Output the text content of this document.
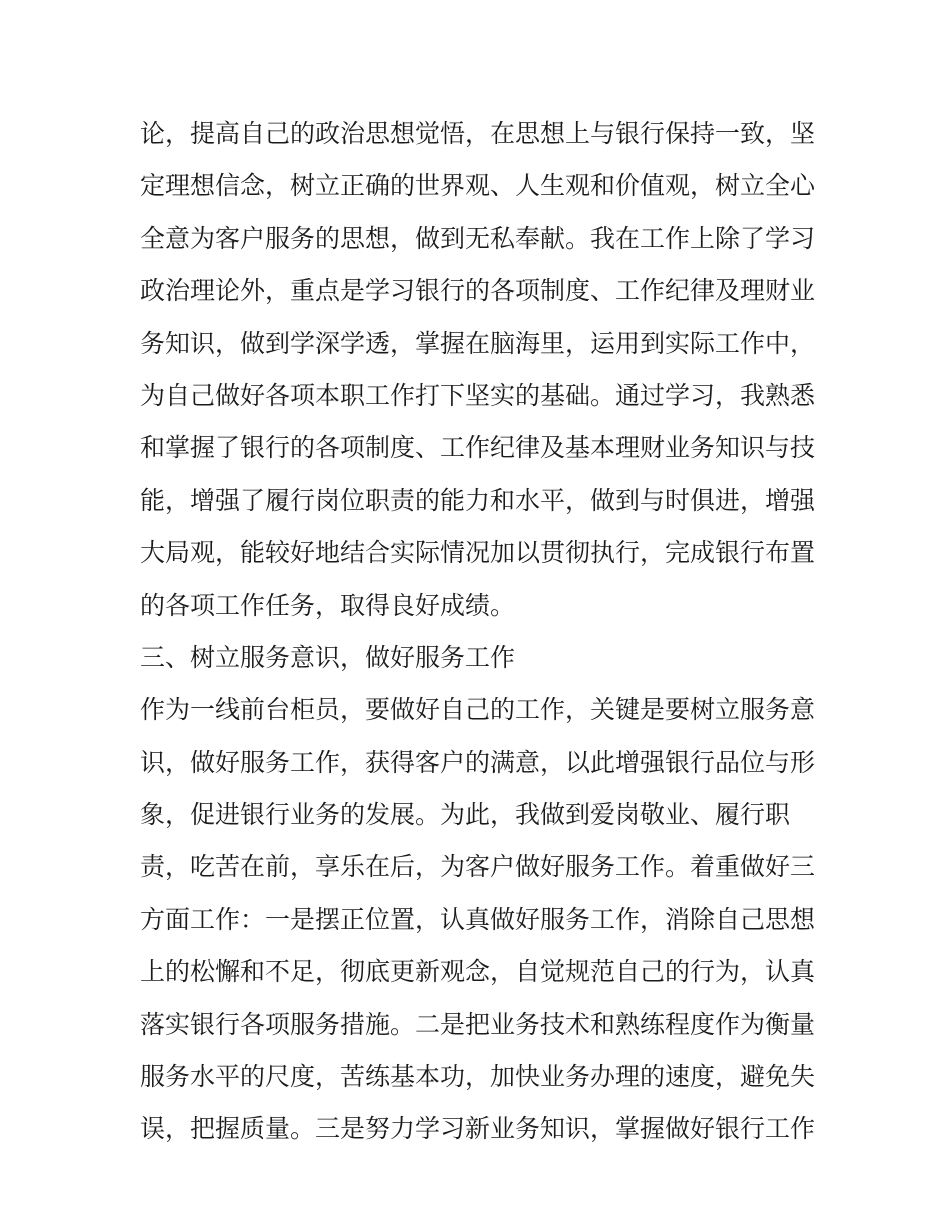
论，提高自己的政治思想觉悟，在思想上与银行保持一致，坚
定理想信念，树立正确的世界观、人生观和价值观，树立全心
全意为客户服务的思想，做到无私奉献。我在工作上除了学习
政治理论外，重点是学习银行的各项制度、工作纪律及理财业
务知识，做到学深学透，掌握在脑海里，运用到实际工作中，
为自己做好各项本职工作打下坚实的基础。通过学习，我熟悉
和掌握了银行的各项制度、工作纪律及基本理财业务知识与技
能，增强了履行岗位职责的能力和水平，做到与时俱进，增强
大局观，能较好地结合实际情况加以贯彻执行，完成银行布置
的各项工作任务，取得良好成绩。
三、树立服务意识，做好服务工作
作为一线前台柜员，要做好自己的工作，关键是要树立服务意
识，做好服务工作，获得客户的满意，以此增强银行品位与形
象，促进银行业务的发展。为此，我做到爱岗敬业、履行职
责，吃苦在前，享乐在后，为客户做好服务工作。着重做好三
方面工作：一是摆正位置，认真做好服务工作，消除自己思想
上的松懈和不足，彻底更新观念，自觉规范自己的行为，认真
落实银行各项服务措施。二是把业务技术和熟练程度作为衡量
服务水平的尺度，苦练基本功，加快业务办理的速度，避免失
误，把握质量。三是努力学习新业务知识，掌握做好银行工作
